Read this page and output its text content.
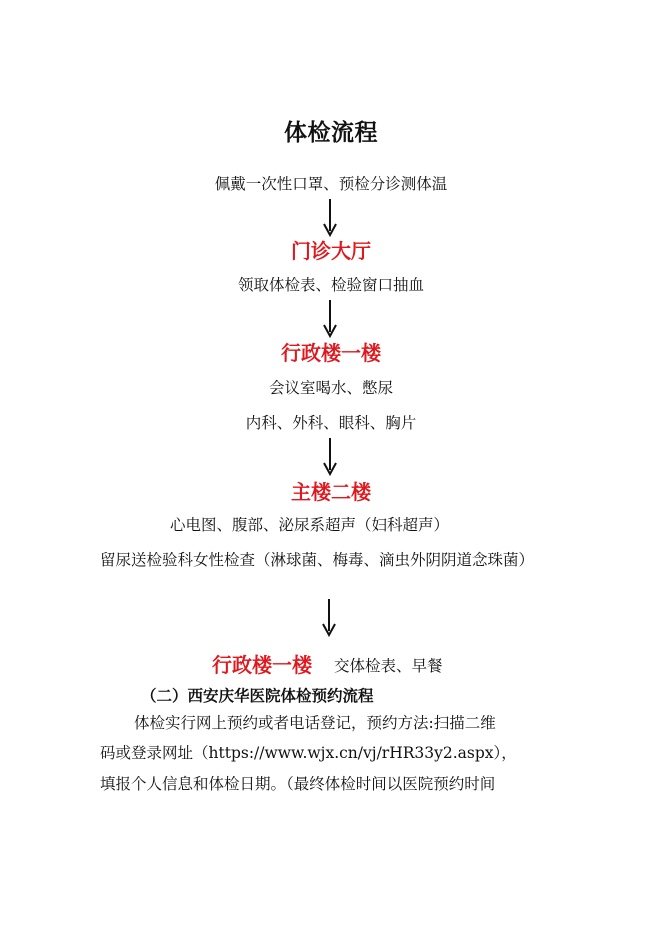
体检流程
佩戴一次性口罩、预检分诊测体温
门诊大厅
领取体检表、检验窗口抽血
行政楼一楼
会议室喝水、憋尿
内科、外科、眼科、胸片
主楼二楼
心电图、腹部、泌尿系超声（妇科超声）
留尿送检验科女性检查（淋球菌、梅毒、滴虫外阴阴道念珠菌）
行政楼一楼 交体检表、早餐
（二）西安庆华医院体检预约流程
体检实行网上预约或者电话登记，预约方法:扫描二维
码或登录网址（https://www.wjx.cn/vj/rHR33y2.aspx），
填报个人信息和体检日期。（最终体检时间以医院预约时间
